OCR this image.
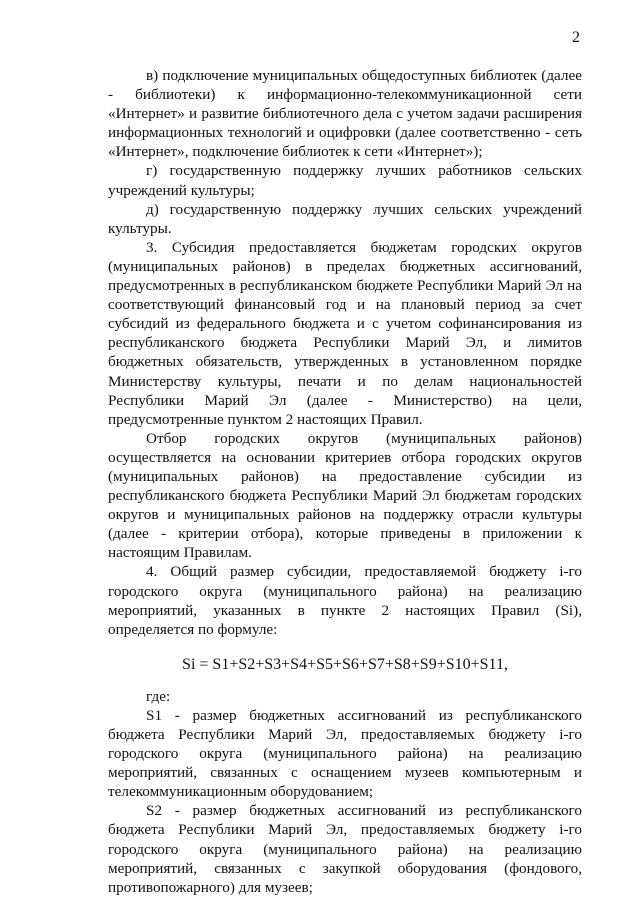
2

в) подключение муниципальных общедоступных библиотек (далее - библиотеки) к информационно-телекоммуникационной сети «Интернет» и развитие библиотечного дела с учетом задачи расширения информационных технологий и оцифровки (далее соответственно - сеть «Интернет», подключение библиотек к сети «Интернет»);

г) государственную поддержку лучших работников сельских учреждений культуры;

д) государственную поддержку лучших сельских учреждений культуры.

3. Субсидия предоставляется бюджетам городских округов (муниципальных районов) в пределах бюджетных ассигнований, предусмотренных в республиканском бюджете Республики Марий Эл на соответствующий финансовый год и на плановый период за счет субсидий из федерального бюджета и с учетом софинансирования из республиканского бюджета Республики Марий Эл, и лимитов бюджетных обязательств, утвержденных в установленном порядке Министерству культуры, печати и по делам национальностей Республики Марий Эл (далее - Министерство) на цели, предусмотренные пунктом 2 настоящих Правил.

Отбор городских округов (муниципальных районов) осуществляется на основании критериев отбора городских округов (муниципальных районов) на предоставление субсидии из республиканского бюджета Республики Марий Эл бюджетам городских округов и муниципальных районов на поддержку отрасли культуры (далее - критерии отбора), которые приведены в приложении к настоящим Правилам.

4. Общий размер субсидии, предоставляемой бюджету i-го городского округа (муниципального района) на реализацию мероприятий, указанных в пункте 2 настоящих Правил (Si), определяется по формуле:

Si = S1+S2+S3+S4+S5+S6+S7+S8+S9+S10+S11,

где:

S1 - размер бюджетных ассигнований из республиканского бюджета Республики Марий Эл, предоставляемых бюджету i-го городского округа (муниципального района) на реализацию мероприятий, связанных с оснащением музеев компьютерным и телекоммуникационным оборудованием;

S2 - размер бюджетных ассигнований из республиканского бюджета Республики Марий Эл, предоставляемых бюджету i-го городского округа (муниципального района) на реализацию мероприятий, связанных с закупкой оборудования (фондового, противопожарного) для музеев;
